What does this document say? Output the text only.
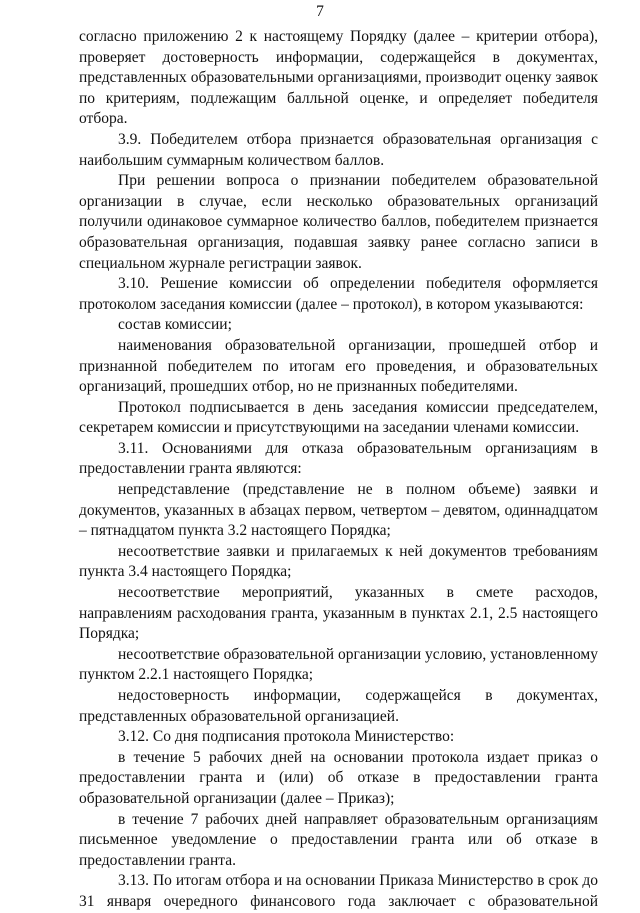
7

согласно приложению 2 к настоящему Порядку (далее – критерии отбора), проверяет достоверность информации, содержащейся в документах, представленных образовательными организациями, производит оценку заявок по критериям, подлежащим балльной оценке, и определяет победителя отбора.

3.9. Победителем отбора признается образовательная организация с наибольшим суммарным количеством баллов.

При решении вопроса о признании победителем образовательной организации в случае, если несколько образовательных организаций получили одинаковое суммарное количество баллов, победителем признается образовательная организация, подавшая заявку ранее согласно записи в специальном журнале регистрации заявок.

3.10. Решение комиссии об определении победителя оформляется протоколом заседания комиссии (далее – протокол), в котором указываются:

состав комиссии;

наименования образовательной организации, прошедшей отбор и признанной победителем по итогам его проведения, и образовательных организаций, прошедших отбор, но не признанных победителями.

Протокол подписывается в день заседания комиссии председателем, секретарем комиссии и присутствующими на заседании членами комиссии.

3.11. Основаниями для отказа образовательным организациям в предоставлении гранта являются:

непредставление (представление не в полном объеме) заявки и документов, указанных в абзацах первом, четвертом – девятом, одиннадцатом – пятнадцатом пункта 3.2 настоящего Порядка;

несоответствие заявки и прилагаемых к ней документов требованиям пункта 3.4 настоящего Порядка;

несоответствие мероприятий, указанных в смете расходов, направлениям расходования гранта, указанным в пунктах 2.1, 2.5 настоящего Порядка;

несоответствие образовательной организации условию, установленному пунктом 2.2.1 настоящего Порядка;

недостоверность информации, содержащейся в документах, представленных образовательной организацией.

3.12. Со дня подписания протокола Министерство:

в течение 5 рабочих дней на основании протокола издает приказ о предоставлении гранта и (или) об отказе в предоставлении гранта образовательной организации (далее – Приказ);

в течение 7 рабочих дней направляет образовательным организациям письменное уведомление о предоставлении гранта или об отказе в предоставлении гранта.

3.13. По итогам отбора и на основании Приказа Министерство в срок до 31 января очередного финансового года заключает с образовательной
